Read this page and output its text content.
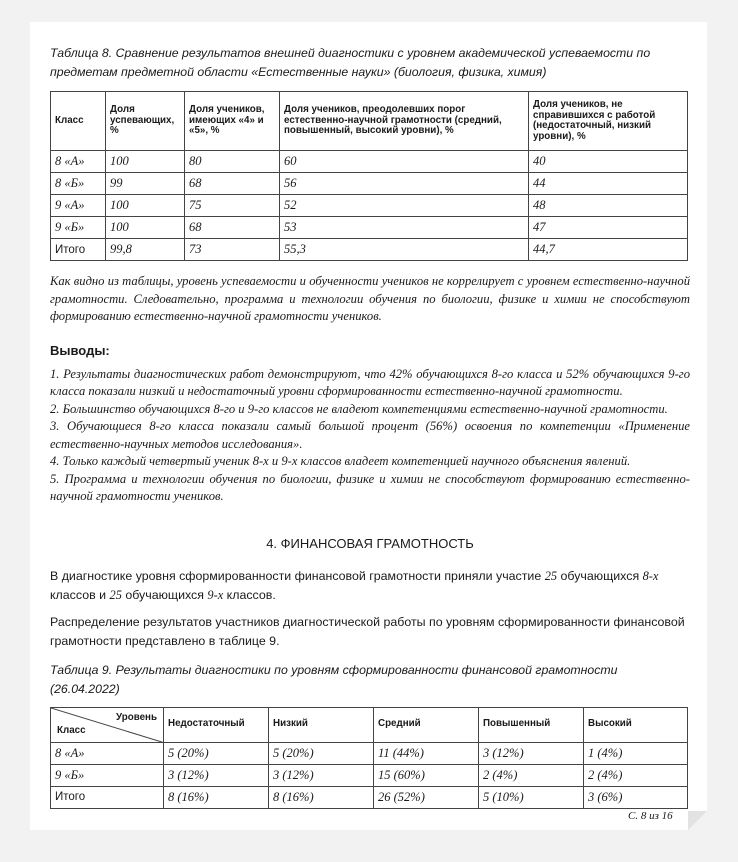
Таблица 8. Сравнение результатов внешней диагностики с уровнем академической успеваемости по предметам предметной области «Естественные науки» (биология, физика, химия)

Класс	Доля успевающих, %	Доля учеников, имеющих «4» и «5», %	Доля учеников, преодолевших порог естественно-научной грамотности (средний, повышенный, высокий уровни), %	Доля учеников, не справившихся с работой (недостаточный, низкий уровни), %
8 «А»	100	80	60	40
8 «Б»	99	68	56	44
9 «А»	100	75	52	48
9 «Б»	100	68	53	47
Итого	99,8	73	55,3	44,7

Как видно из таблицы, уровень успеваемости и обученности учеников не коррелирует с уровнем естественно-научной грамотности. Следовательно, программа и технологии обучения по биологии, физике и химии не способствуют формированию естественно-научной грамотности учеников.

Выводы:

1. Результаты диагностических работ демонстрируют, что 42% обучающихся 8-го класса и 52% обучающихся 9-го класса показали низкий и недостаточный уровни сформированности естественно-научной грамотности.

2. Большинство обучающихся 8-го и 9-го классов не владеют компетенциями естественно-научной грамотности.

3. Обучающиеся 8-го класса показали самый большой процент (56%) освоения по компетенции «Применение естественно-научных методов исследования».

4. Только каждый четвертый ученик 8-х и 9-х классов владеет компетенцией научного объяснения явлений.

5. Программа и технологии обучения по биологии, физике и химии не способствуют формированию естественно-научной грамотности учеников.

4. ФИНАНСОВАЯ ГРАМОТНОСТЬ

В диагностике уровня сформированности финансовой грамотности приняли участие 25 обучающихся 8-х классов и 25 обучающихся 9-х классов.

Распределение результатов участников диагностической работы по уровням сформированности финансовой грамотности представлено в таблице 9.

Таблица 9. Результаты диагностики по уровням сформированности финансовой грамотности (26.04.2022)

Уровень
Класс	Недостаточный	Низкий	Средний	Повышенный	Высокий
8 «А»	5 (20%)	5 (20%)	11 (44%)	3 (12%)	1 (4%)
9 «Б»	3 (12%)	3 (12%)	15 (60%)	2 (4%)	2 (4%)
Итого	8 (16%)	8 (16%)	26 (52%)	5 (10%)	3 (6%)
С. 8 из 16
